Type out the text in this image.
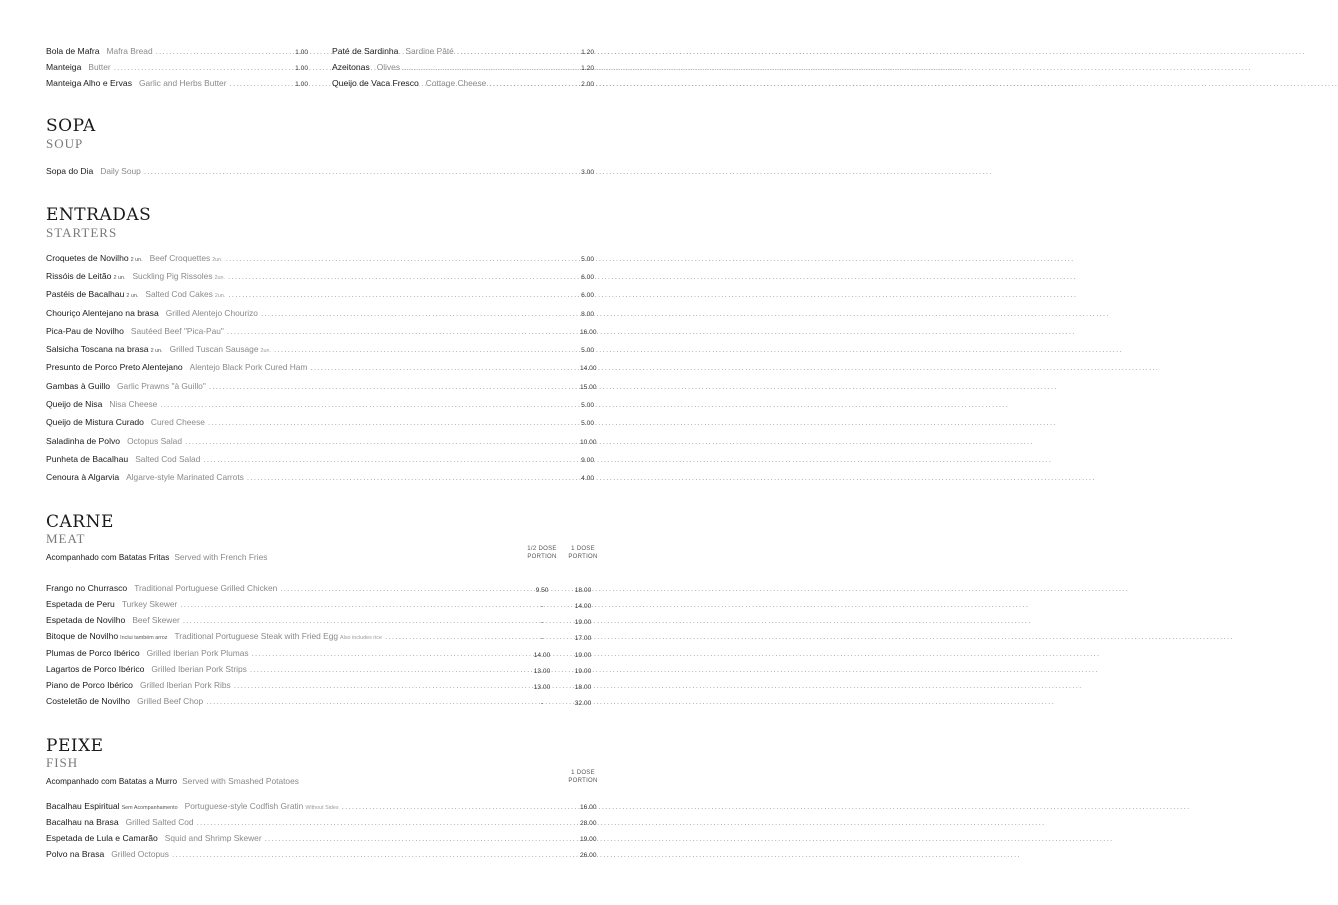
Bola de Mafra Mafra Bread .....	1.00
Manteiga Butter .....	1.00
Manteiga Alho e Ervas Garlic and Herbs Butter .....	1.00
Paté de Sardinha Sardine Pâté .....	1.20
Azeitonas Olives .....	1.20
Queijo de Vaca Fresco Cottage Cheese .....	2.00
SOPA
SOUP
Sopa do Dia Daily Soup .....	3.00
ENTRADAS
STARTERS
Croquetes de Novilho 2 un. Beef Croquettes 2un. .....	5.00
Rissóis de Leitão 2 un. Suckling Pig Rissoles 2un. .....	6.00
Pastéis de Bacalhau 2 un. Salted Cod Cakes 2un. .....	6.00
Chouriço Alentejano na brasa Grilled Alentejo Chourizo .....	8.00
Pica-Pau de Novilho Sautéed Beef "Pica-Pau" .....	16.00
Salsicha Toscana na brasa 2 un. Grilled Tuscan Sausage 2un. .....	5.00
Presunto de Porco Preto Alentejano Alentejo Black Pork Cured Ham .....	14.00
Gambas à Guillo Garlic Prawns "à Guillo" .....	15.00
Queijo de Nisa Nisa Cheese .....	5.00
Queijo de Mistura Curado Cured Cheese .....	5.00
Saladinha de Polvo Octopus Salad .....	10.00
Punheta de Bacalhau Salted Cod Salad .....	9.00
Cenoura à Algarvia Algarve-style Marinated Carrots .....	4.00
CARNE
MEAT
Acompanhado com Batatas Fritas Served with French Fries
1/2 DOSE
PORTION
1 DOSE
PORTION
Frango no Churrasco Traditional Portuguese Grilled Chicken .....	9.50	18.00
Espetada de Peru Turkey Skewer .....	-	14.00
Espetada de Novilho Beef Skewer .....	-	19.00
Bitoque de Novilho Inclui também arroz Traditional Portuguese Steak with Fried Egg Also includes rice .....	-	17.00
Plumas de Porco Ibérico Grilled Iberian Pork Plumas .....	14.00	19.00
Lagartos de Porco Ibérico Grilled Iberian Pork Strips .....	13.00	19.00
Piano de Porco Ibérico Grilled Iberian Pork Ribs .....	13.00	18.00
Costeletão de Novilho Grilled Beef Chop .....	-	32.00
PEIXE
FISH
Acompanhado com Batatas a Murro Served with Smashed Potatoes
1 DOSE
PORTION
Bacalhau Espiritual Sem Acompanhamento Portuguese-style Codfish Gratin Without Sides .....	16.00
Bacalhau na Brasa Grilled Salted Cod .....	28.00
Espetada de Lula e Camarão Squid and Shrimp Skewer .....	19.00
Polvo na Brasa Grilled Octopus .....	26.00
